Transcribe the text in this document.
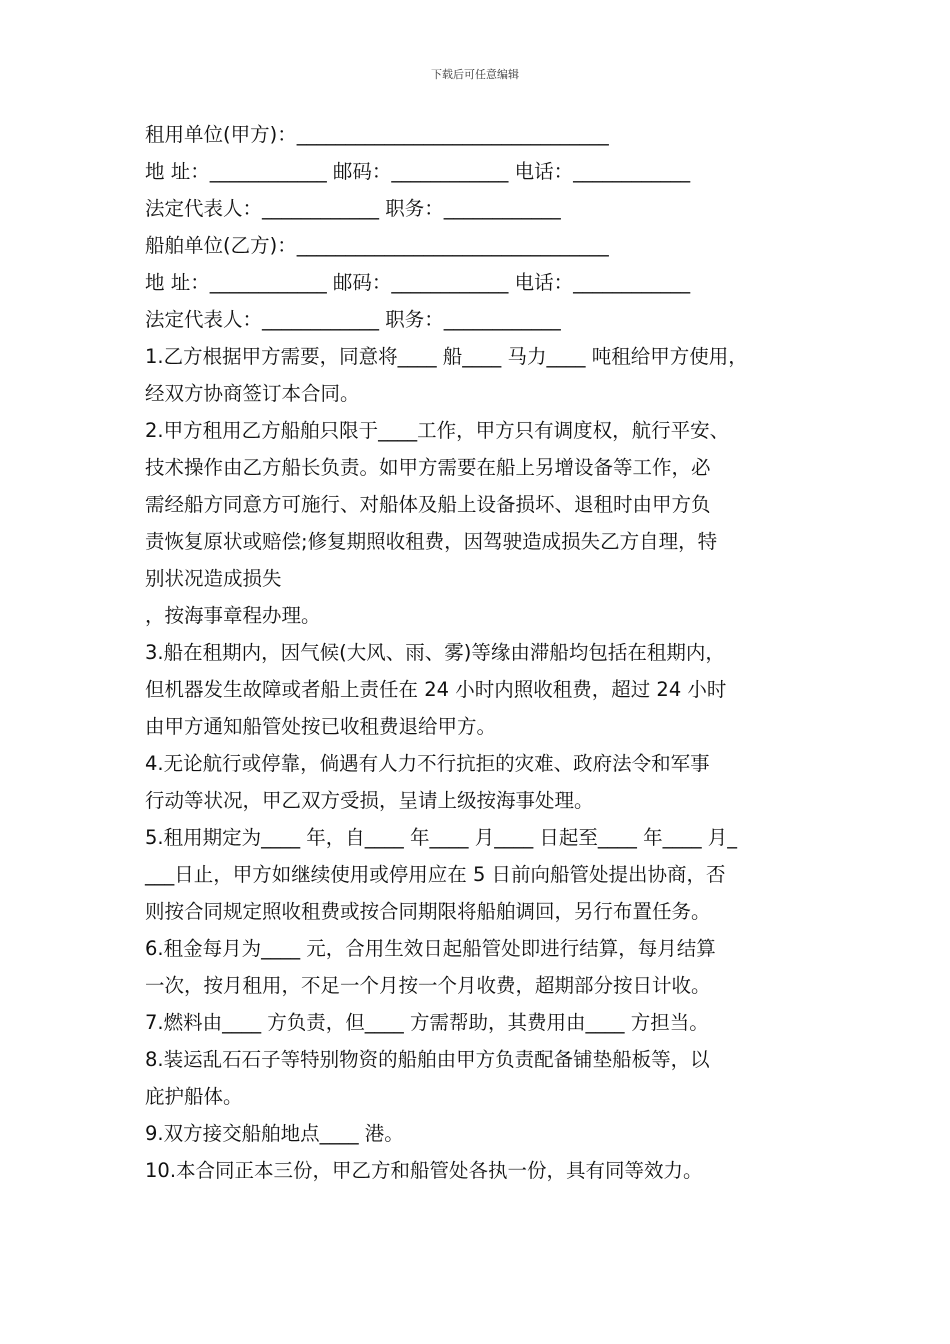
下载后可任意编辑
租用单位(甲方)：________________________________
地 址：____________ 邮码：____________ 电话：____________
法定代表人：____________ 职务：____________
船舶单位(乙方)：________________________________
地 址：____________ 邮码：____________ 电话：____________
法定代表人：____________ 职务：____________
1.乙方根据甲方需要，同意将____ 船____ 马力____ 吨租给甲方使用，
经双方协商签订本合同。
2.甲方租用乙方船舶只限于____工作，甲方只有调度权，航行平安、
技术操作由乙方船长负责。如甲方需要在船上另增设备等工作，必
需经船方同意方可施行、对船体及船上设备损坏、退租时由甲方负
责恢复原状或赔偿;修复期照收租费，因驾驶造成损失乙方自理，特
别状况造成损失
，按海事章程办理。
3.船在租期内，因气候(大风、雨、雾)等缘由滞船均包括在租期内，
但机器发生故障或者船上责任在 24 小时内照收租费，超过 24 小时
由甲方通知船管处按已收租费退给甲方。
4.无论航行或停靠，倘遇有人力不行抗拒的灾难、政府法令和军事
行动等状况，甲乙双方受损，呈请上级按海事处理。
5.租用期定为____ 年，自____ 年____ 月____ 日起至____ 年____ 月_
___日止，甲方如继续使用或停用应在 5 日前向船管处提出协商，否
则按合同规定照收租费或按合同期限将船舶调回，另行布置任务。
6.租金每月为____ 元，合用生效日起船管处即进行结算，每月结算
一次，按月租用，不足一个月按一个月收费，超期部分按日计收。
7.燃料由____ 方负责，但____ 方需帮助，其费用由____ 方担当。
8.装运乱石石子等特别物资的船舶由甲方负责配备铺垫船板等，以
庇护船体。
9.双方接交船舶地点____ 港。
10.本合同正本三份，甲乙方和船管处各执一份，具有同等效力。
